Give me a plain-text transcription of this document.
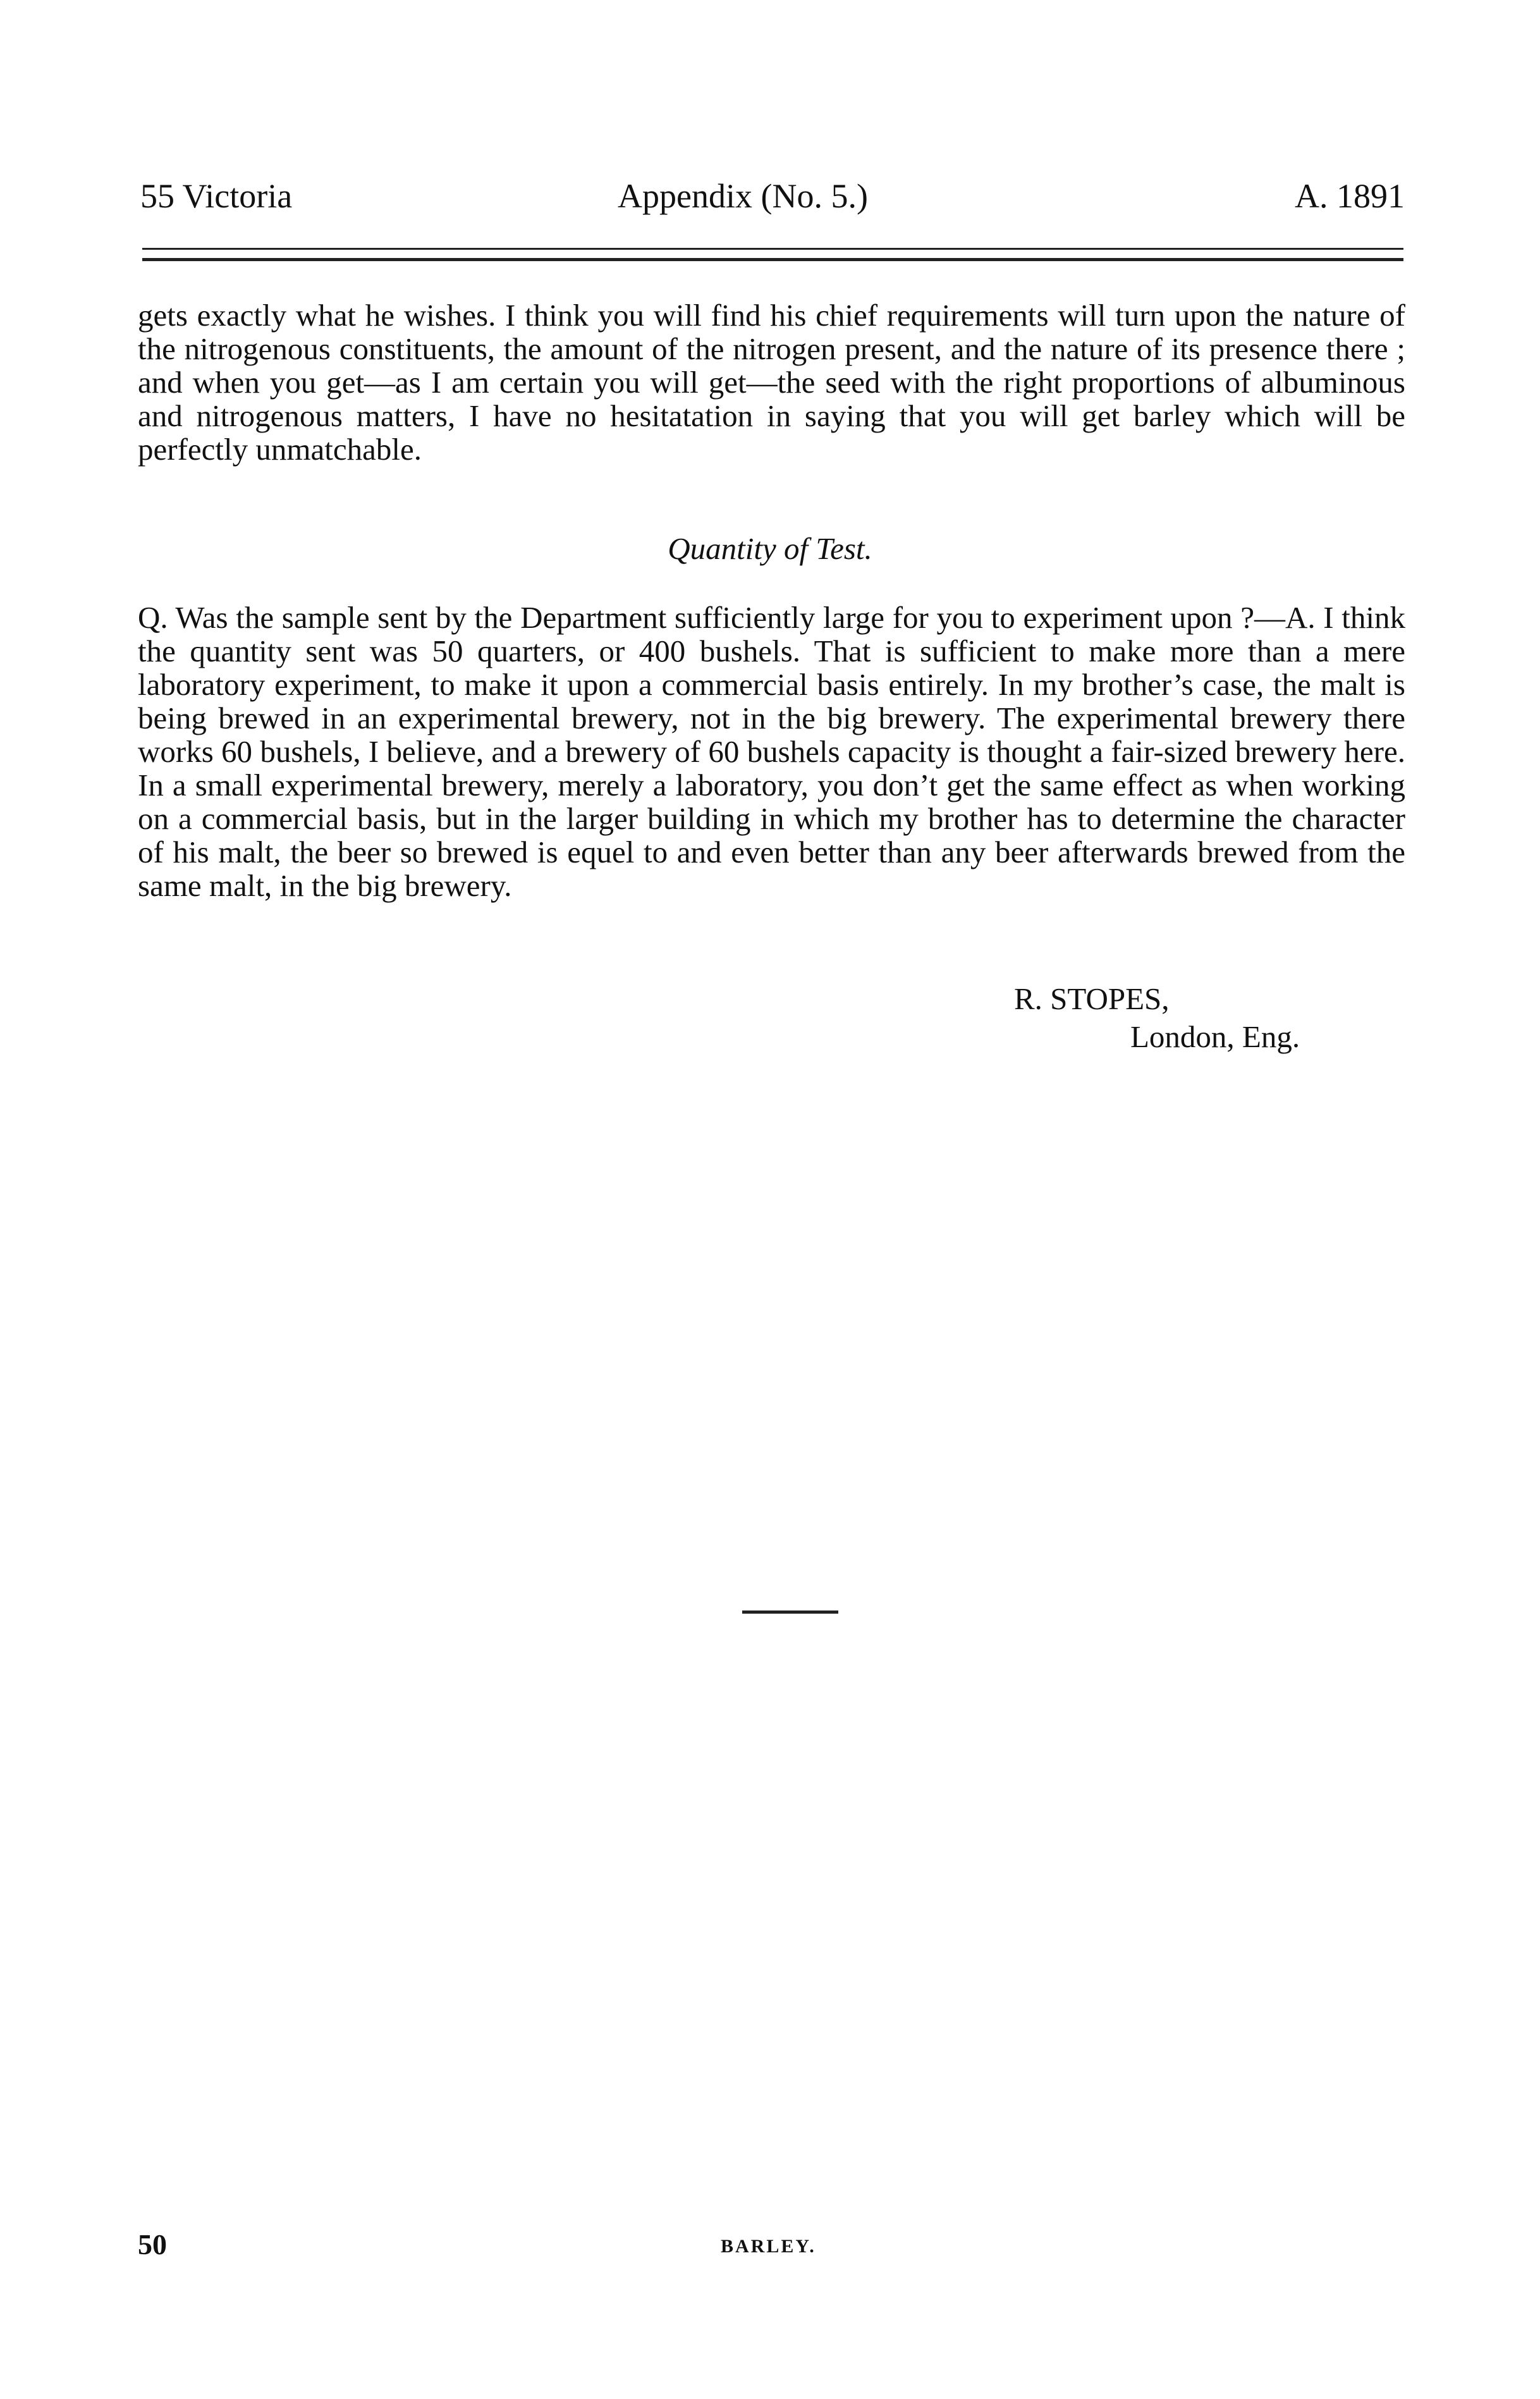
55 Victoria	Appendix (No. 5.)	A. 1891
gets exactly what he wishes. I think you will find his chief requirements will turn upon the nature of the nitrogenous constituents, the amount of the nitrogen present, and the nature of its presence there ; and when you get—as I am certain you will get—the seed with the right proportions of albuminous and nitrogenous matters, I have no hesitatation in saying that you will get barley which will be perfectly unmatchable.
Quantity of Test.
Q. Was the sample sent by the Department sufficiently large for you to experiment upon ?—A. I think the quantity sent was 50 quarters, or 400 bushels. That is sufficient to make more than a mere laboratory experiment, to make it upon a commercial basis entirely. In my brother’s case, the malt is being brewed in an experimental brewery, not in the big brewery. The experimental brewery there works 60 bushels, I believe, and a brewery of 60 bushels capacity is thought a fair-sized brewery here. In a small experimental brewery, merely a laboratory, you don’t get the same effect as when working on a commercial basis, but in the larger building in which my brother has to determine the character of his malt, the beer so brewed is equel to and even better than any beer afterwards brewed from the same malt, in the big brewery.
R. STOPES,
London, Eng.
50	BARLEY.
